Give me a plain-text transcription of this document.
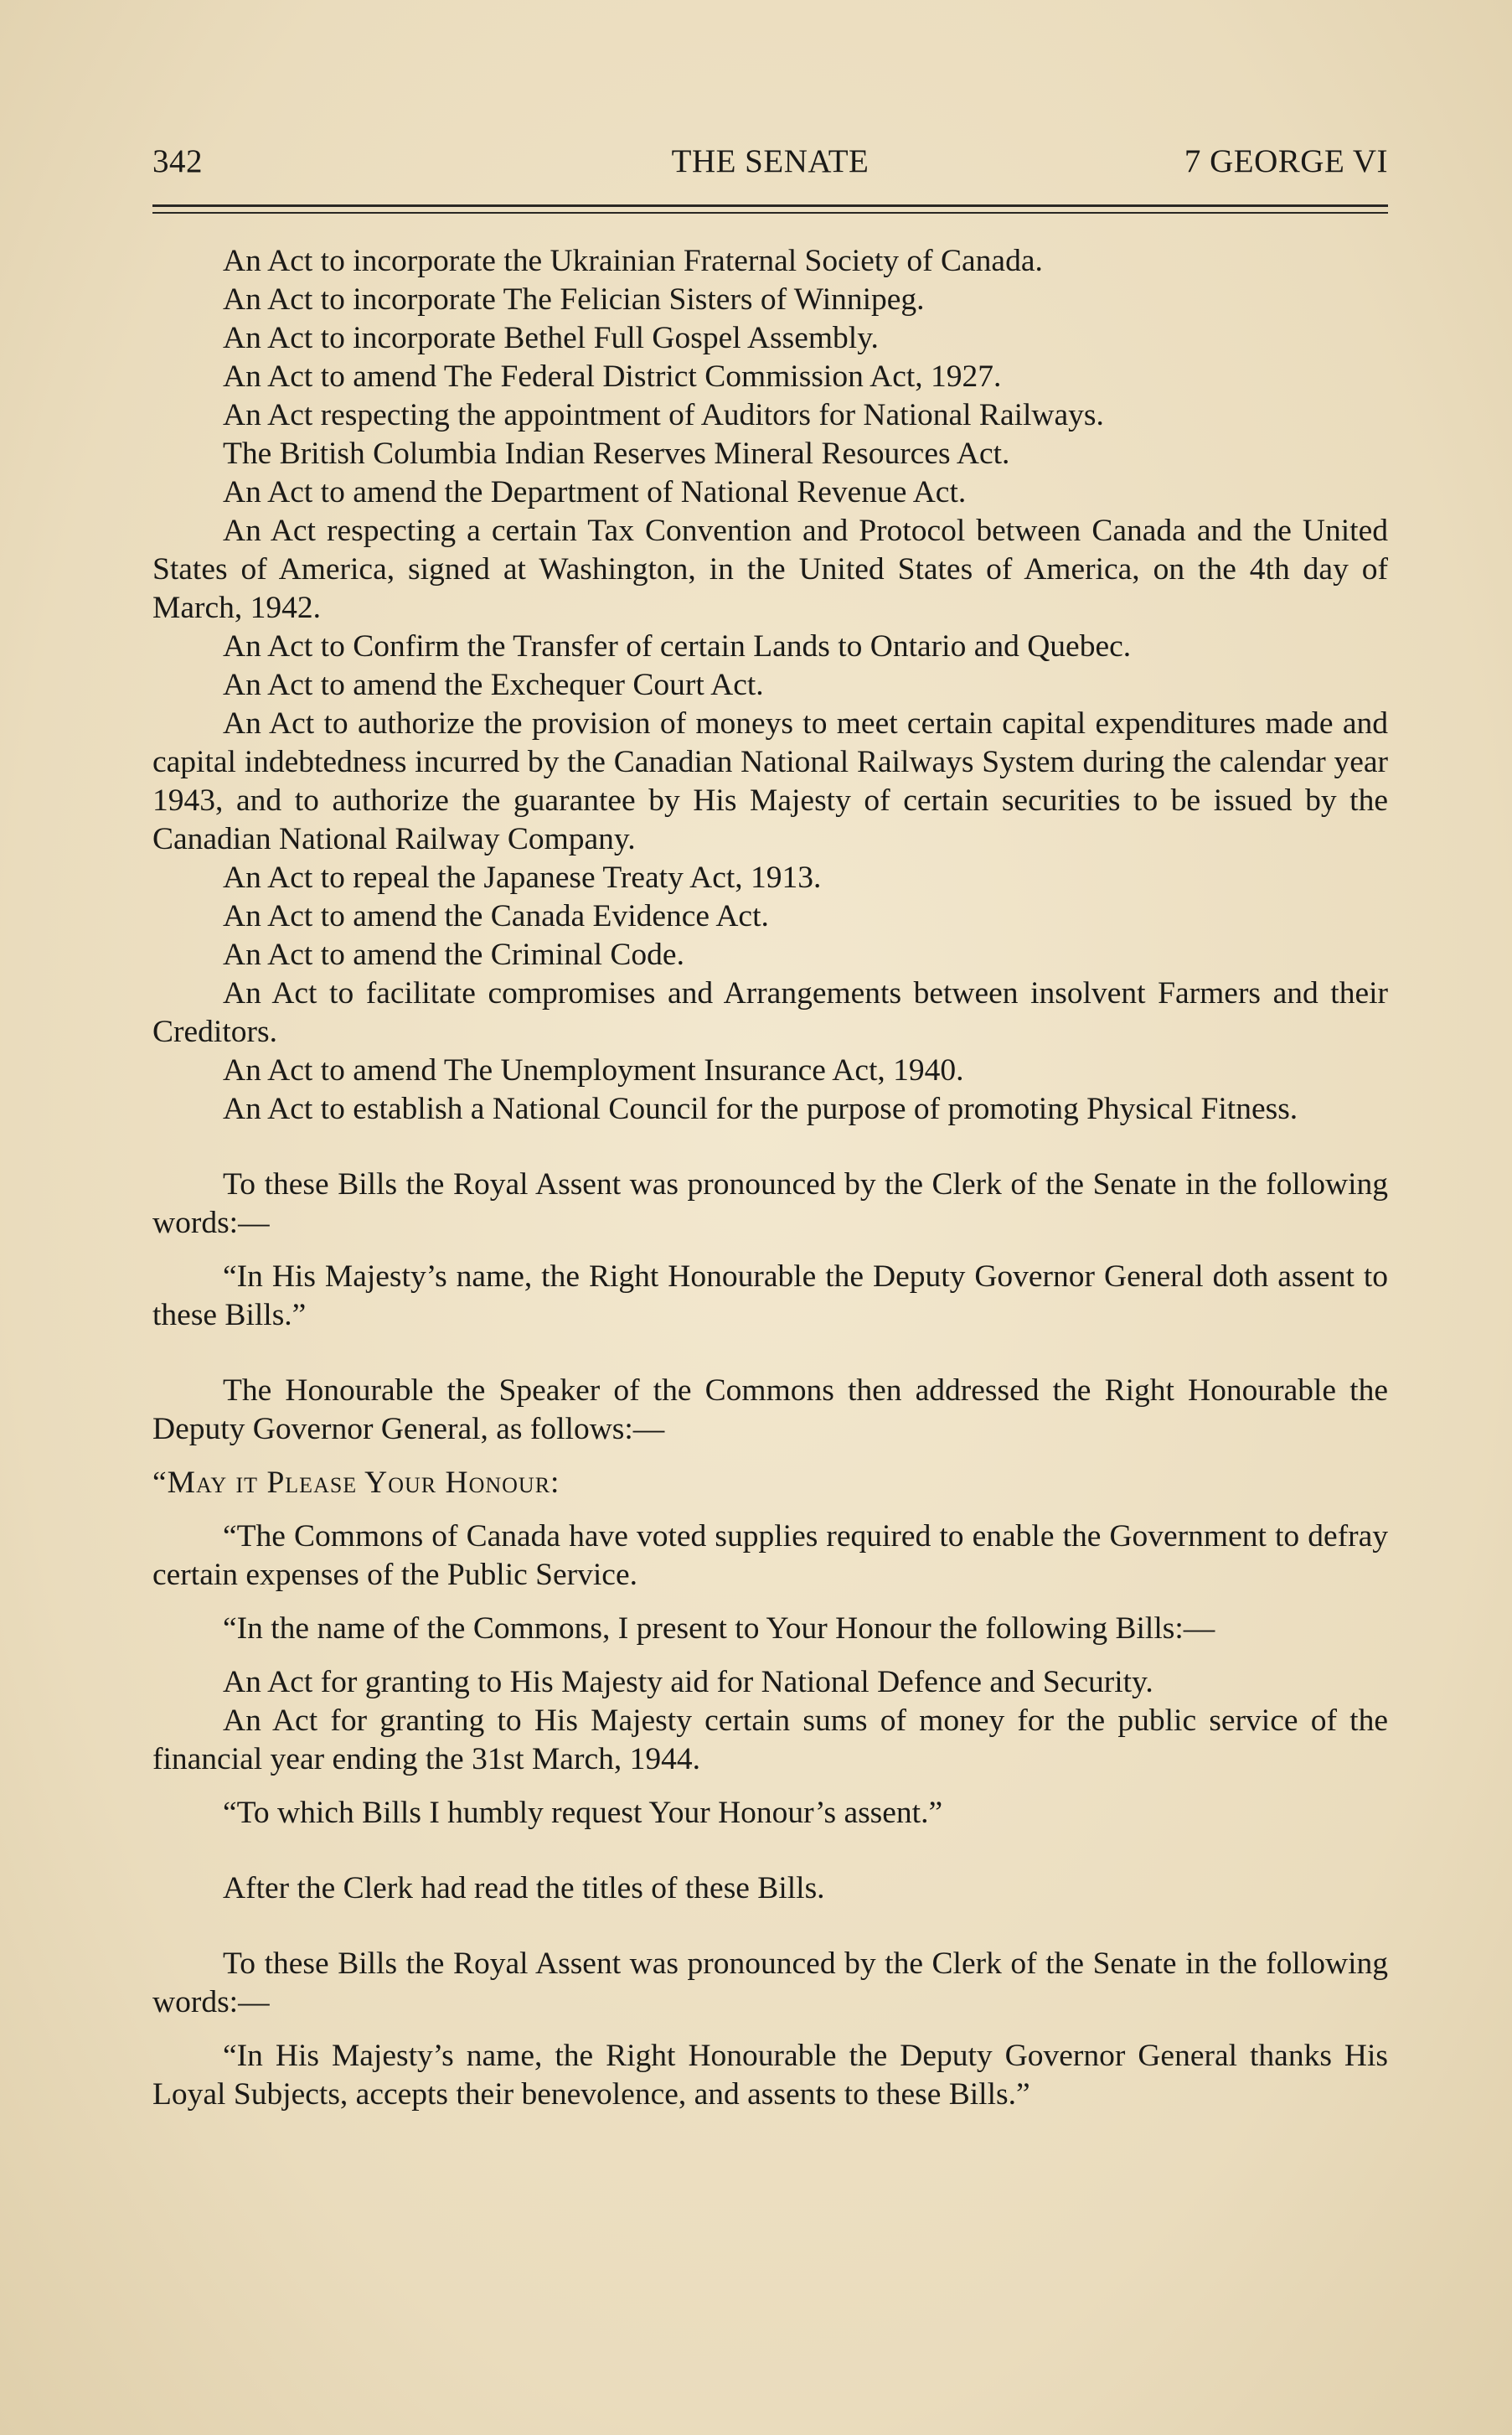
342	THE SENATE	7 GEORGE VI

An Act to incorporate the Ukrainian Fraternal Society of Canada.

An Act to incorporate The Felician Sisters of Winnipeg.

An Act to incorporate Bethel Full Gospel Assembly.

An Act to amend The Federal District Commission Act, 1927.

An Act respecting the appointment of Auditors for National Railways.

The British Columbia Indian Reserves Mineral Resources Act.

An Act to amend the Department of National Revenue Act.

An Act respecting a certain Tax Convention and Protocol between Canada and the United States of America, signed at Washington, in the United States of America, on the 4th day of March, 1942.

An Act to Confirm the Transfer of certain Lands to Ontario and Quebec.

An Act to amend the Exchequer Court Act.

An Act to authorize the provision of moneys to meet certain capital expenditures made and capital indebtedness incurred by the Canadian National Railways System during the calendar year 1943, and to authorize the guarantee by His Majesty of certain securities to be issued by the Canadian National Railway Company.

An Act to repeal the Japanese Treaty Act, 1913.

An Act to amend the Canada Evidence Act.

An Act to amend the Criminal Code.

An Act to facilitate compromises and Arrangements between insolvent Farmers and their Creditors.

An Act to amend The Unemployment Insurance Act, 1940.

An Act to establish a National Council for the purpose of promoting Physical Fitness.

To these Bills the Royal Assent was pronounced by the Clerk of the Senate in the following words:—

“In His Majesty’s name, the Right Honourable the Deputy Governor General doth assent to these Bills.”

The Honourable the Speaker of the Commons then addressed the Right Honourable the Deputy Governor General, as follows:—

“May it Please Your Honour:

“The Commons of Canada have voted supplies required to enable the Government to defray certain expenses of the Public Service.

“In the name of the Commons, I present to Your Honour the following Bills:—

An Act for granting to His Majesty aid for National Defence and Security.

An Act for granting to His Majesty certain sums of money for the public service of the financial year ending the 31st March, 1944.

“To which Bills I humbly request Your Honour’s assent.”

After the Clerk had read the titles of these Bills.

To these Bills the Royal Assent was pronounced by the Clerk of the Senate in the following words:—

“In His Majesty’s name, the Right Honourable the Deputy Governor General thanks His Loyal Subjects, accepts their benevolence, and assents to these Bills.”
